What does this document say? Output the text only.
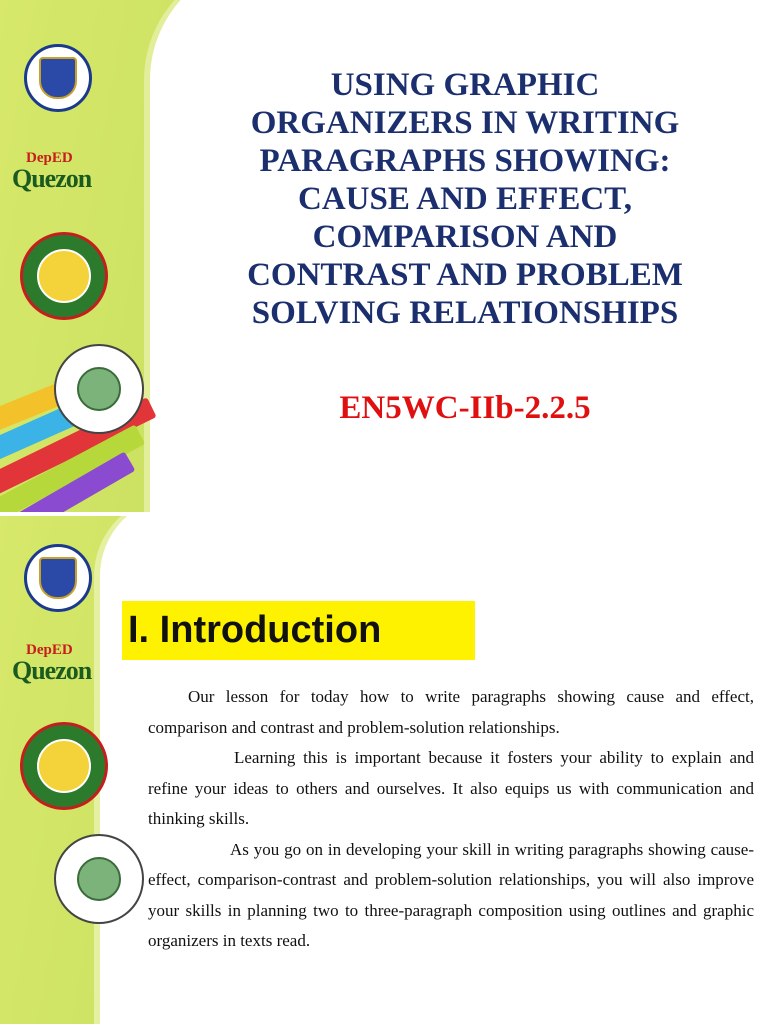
DepED
Quezon
USING GRAPHIC
ORGANIZERS IN WRITING
PARAGRAPHS SHOWING:
CAUSE AND EFFECT,
COMPARISON AND
CONTRAST AND PROBLEM
SOLVING RELATIONSHIPS
EN5WC-IIb-2.2.5
DepED
Quezon
I. Introduction

Our lesson for today how to write paragraphs showing cause and effect, comparison and contrast and problem-solution relationships.

Learning this is important because it fosters your ability to explain and refine your ideas to others and ourselves. It also equips us with communication and thinking skills.

As you go on in developing your skill in writing paragraphs showing cause-effect, comparison-contrast and problem-solution relationships, you will also improve your skills in planning two to three-paragraph composition using outlines and graphic organizers in texts read.
